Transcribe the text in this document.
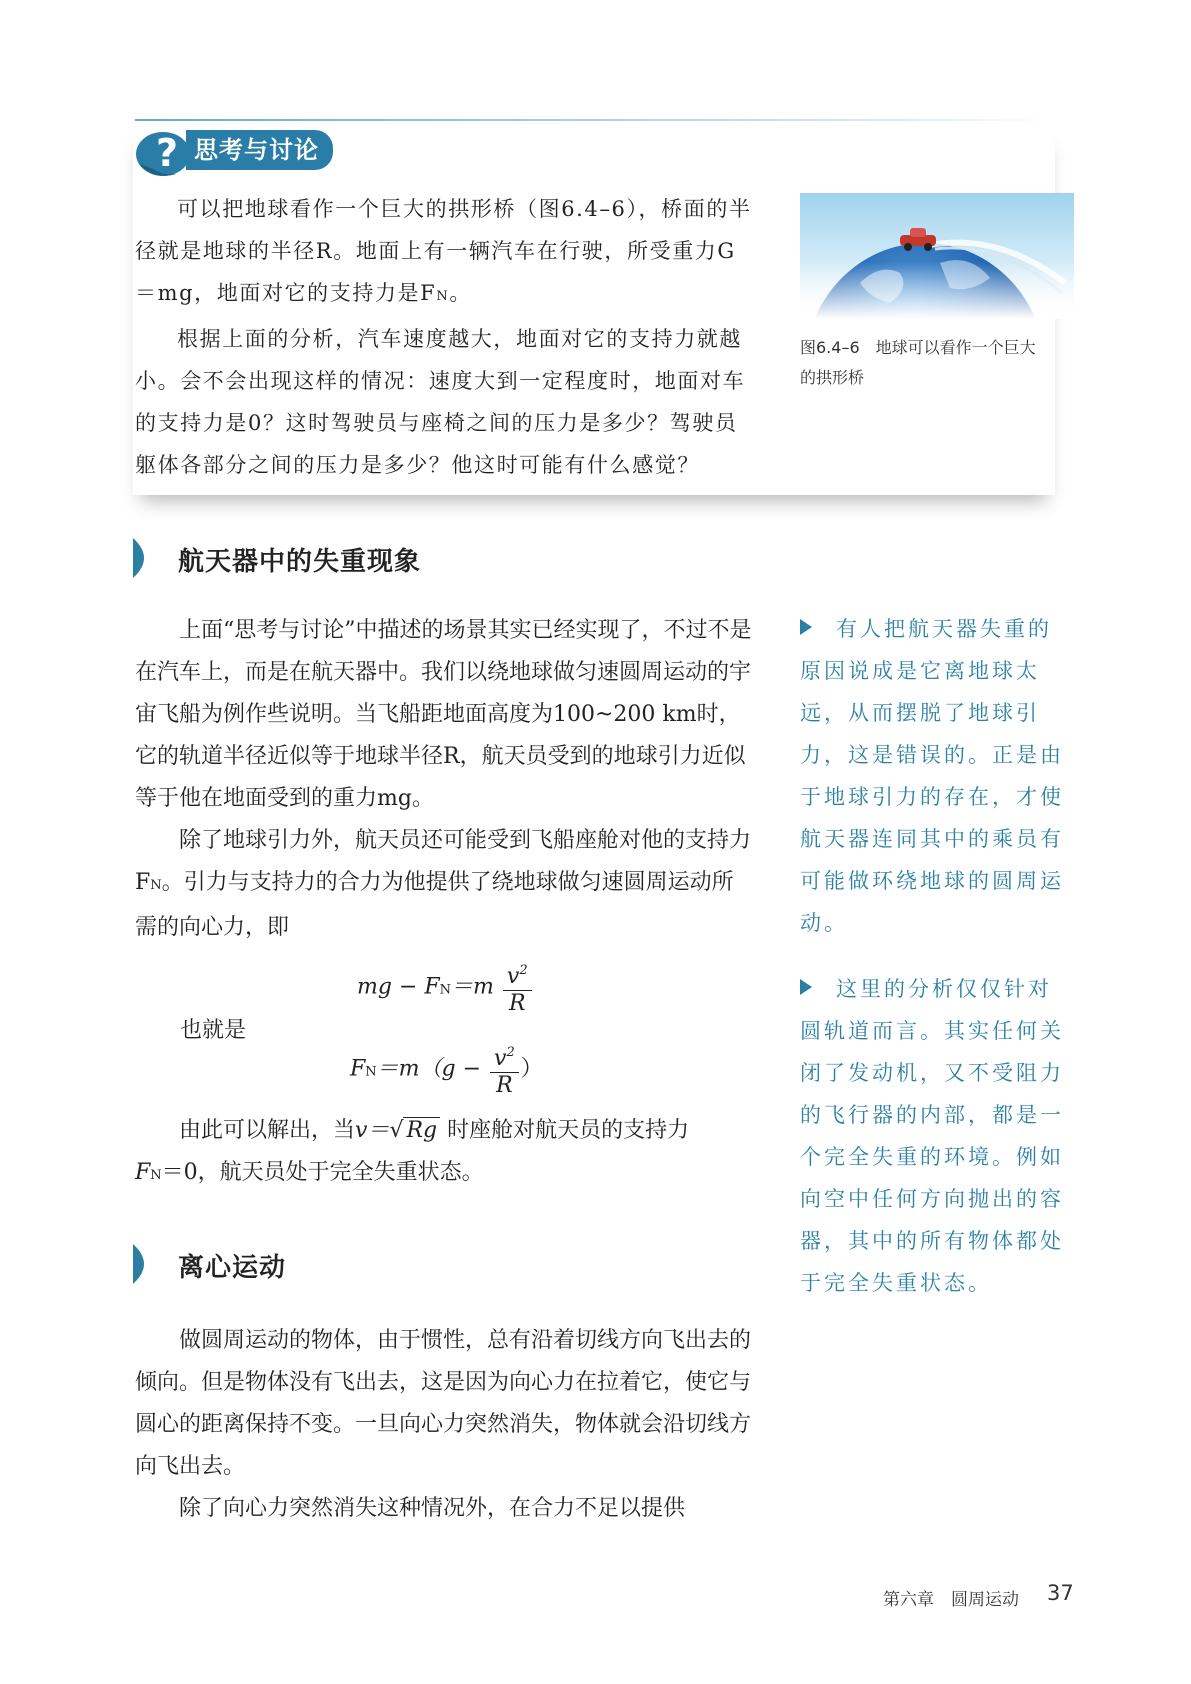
? 思考与讨论

可以把地球看作一个巨大的拱形桥（图6.4–6），桥面的半径就是地球的半径R。地面上有一辆汽车在行驶，所受重力G＝mg，地面对它的支持力是FN。

根据上面的分析，汽车速度越大，地面对它的支持力就越小。会不会出现这样的情况：速度大到一定程度时，地面对车的支持力是0？这时驾驶员与座椅之间的压力是多少？驾驶员躯体各部分之间的压力是多少？他这时可能有什么感觉？

图6.4–6　地球可以看作一个巨大的拱形桥
航天器中的失重现象

上面“思考与讨论”中描述的场景其实已经实现了，不过不是在汽车上，而是在航天器中。我们以绕地球做匀速圆周运动的宇宙飞船为例作些说明。当飞船距地面高度为100~200 km时，它的轨道半径近似等于地球半径R，航天员受到的地球引力近似等于他在地面受到的重力mg。

除了地球引力外，航天员还可能受到飞船座舱对他的支持力FN。引力与支持力的合力为他提供了绕地球做匀速圆周运动所需的向心力，即

mg − $FN=m \frac{v^2}{R}$
也就是
$FN=m(g - \frac{v^2}{R}$ ）

由此可以解出，当v＝√ Rg 时座舱对航天员的支持力

FN＝0，航天员处于完全失重状态。
离心运动

做圆周运动的物体，由于惯性，总有沿着切线方向飞出去的倾向。但是物体没有飞出去，这是因为向心力在拉着它，使它与圆心的距离保持不变。一旦向心力突然消失，物体就会沿切线方向飞出去。

除了向心力突然消失这种情况外，在合力不足以提供

有人把航天器失重的原因说成是它离地球太远，从而摆脱了地球引力，这是错误的。正是由于地球引力的存在，才使航天器连同其中的乘员有可能做环绕地球的圆周运动。
这里的分析仅仅针对圆轨道而言。其实任何关闭了发动机，又不受阻力的飞行器的内部，都是一个完全失重的环境。例如向空中任何方向抛出的容器，其中的所有物体都处于完全失重状态。
第六章　圆周运动 37
